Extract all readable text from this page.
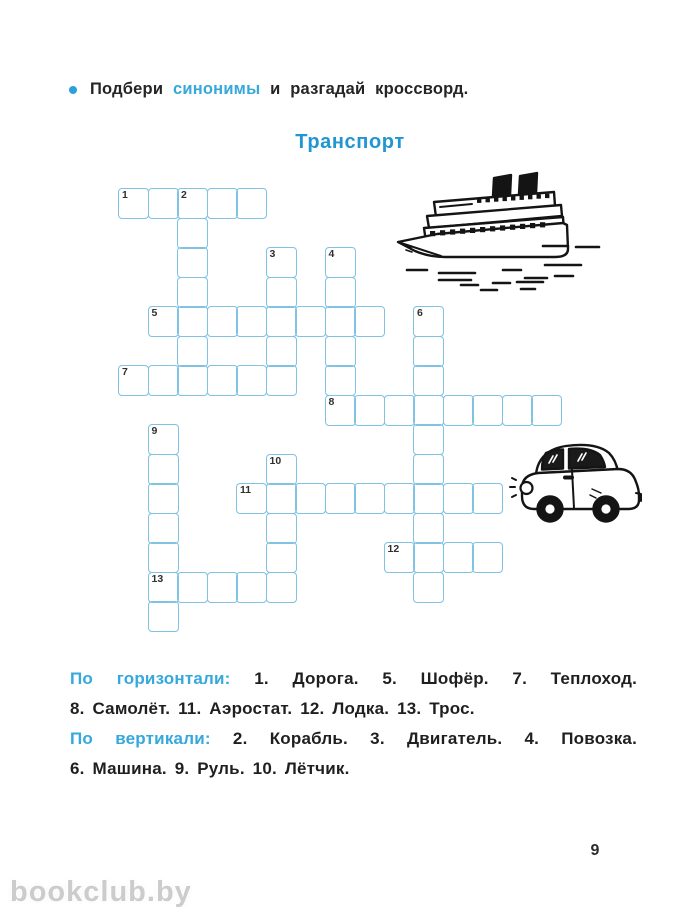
Подбери синонимы и разгадай кроссворд.
Транспорт
1	2
3	4
8
5	6
7
9
13
10
11
12
По горизонтали: 1. Дорога. 5. Шофёр. 7. Теплоход.
8. Самолёт. 11. Аэростат. 12. Лодка. 13. Трос.
По вертикали: 2. Корабль. 3. Двигатель. 4. Повозка.
6. Машина. 9. Руль. 10. Лётчик.
9
bookclub.by
